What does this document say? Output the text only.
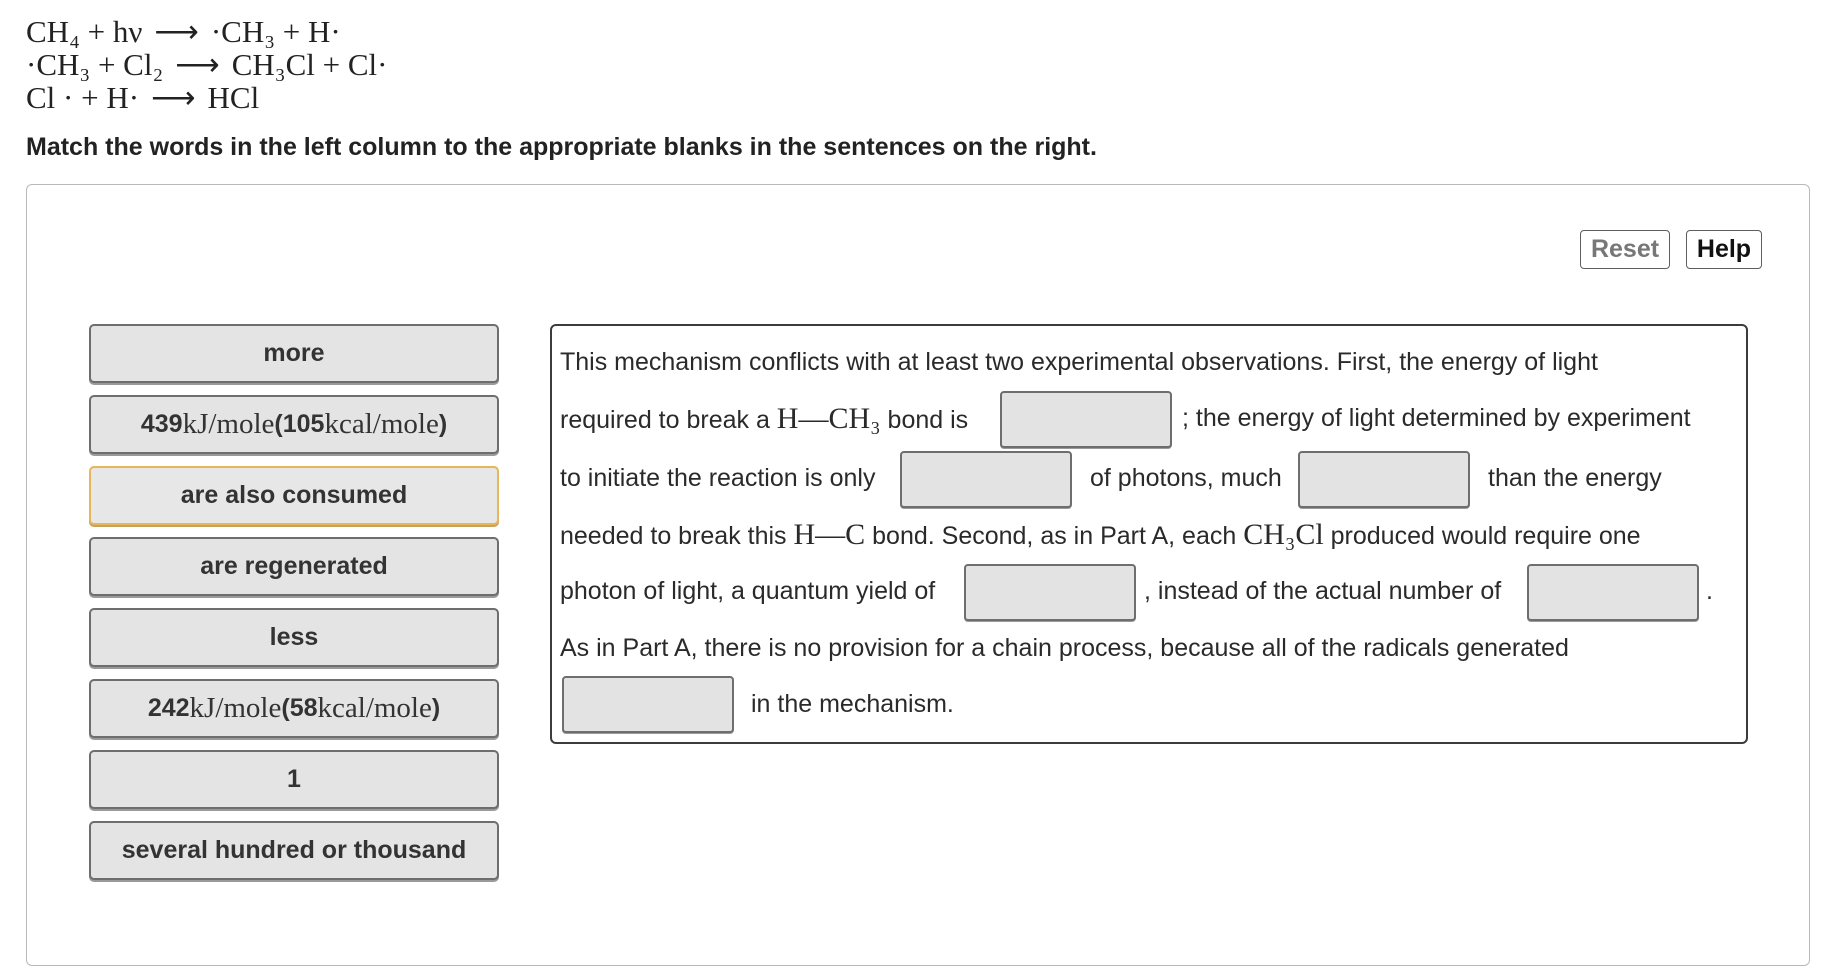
CH₄ + hν ⟶ ·CH₃ + H·
·CH₃ + Cl₂ ⟶ CH₃Cl + Cl·
Cl · + H· ⟶ HCl
Match the words in the left column to the appropriate blanks in the sentences on the right.
Reset	Help
more
439 kJ/mole (105 kcal/mole )
are also consumed
are regenerated
less
242 kJ/mole (58 kcal/mole )
1
several hundred or thousand
This mechanism conflicts with at least two experimental observations. First, the energy of light
required to break a H—CH₃ bond is	; the energy of light determined by experiment
to initiate the reaction is only	of photons, much	than the energy
needed to break this H—C bond. Second, as in Part A, each CH₃Cl produced would require one
photon of light, a quantum yield of	, instead of the actual number of	.
As in Part A, there is no provision for a chain process, because all of the radicals generated
in the mechanism.
